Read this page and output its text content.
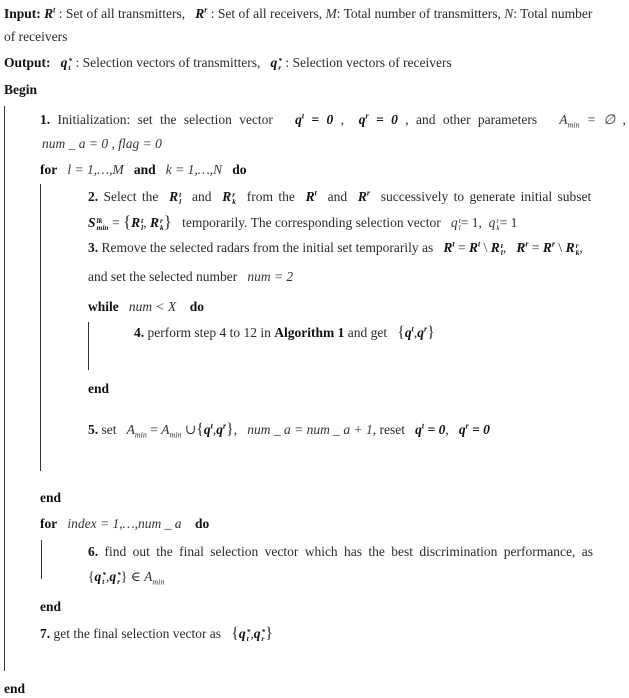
Input: $R^t$ : Set of all transmitters, $R^r$ : Set of all receivers, M: Total number of transmitters, N: Total number
of receivers
Output: q *
t : Selection vectors of transmitters, q *
r : Selection vectors of receivers
Begin
1. Initialization: set the selection vector $q^t = 0$ , $q^r = 0$ , and other parameters $A_{min}$ = ∅ ,
num _ a = 0 , flag = 0
for l = 1,…,M and k = 1,…,N do
2. Select the R t
l and R r
k from the $R^t$ and $R^r$ successively to generate initial subset
S lk
min = {R t
l , R r
k } temporarily. The corresponding selection vector q t
l = 1, q r
k = 1
3. Remove the selected radars from the initial set temporarily as $R^t = R^t$ \ R t
l , $R^r = R^r$ \ R r
k ,
and set the selected number num = 2
while num < X do
4. perform step 4 to 12 in Algorithm 1 and get $\{q^t,q^r\}$
end
5. set $A_{min} = A_{min}$ $\cup\{q^t,q^r\}$, num _ a = num _ a + 1, reset $q^t = 0$, $q^r = 0$
end
for index = 1,…,num _ a do
6. find out the final selection vector which has the best discrimination performance, as
{q *
t ,q *
r } ∈ $A_{min}$
end
7. get the final selection vector as {q *
t ,q *
r }
end
